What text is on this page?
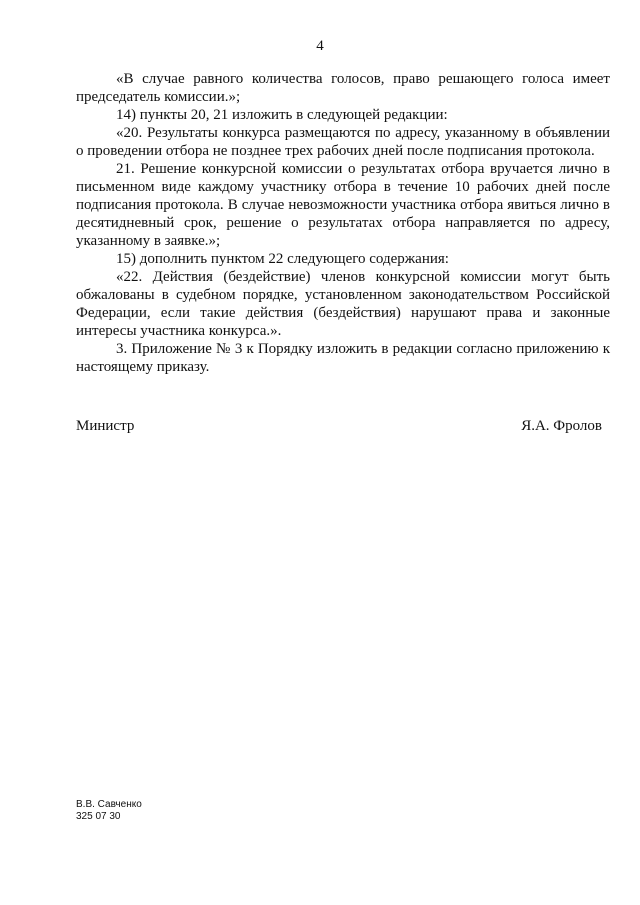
4

«В случае равного количества голосов, право решающего голоса имеет председатель комиссии.»;

14) пункты 20, 21 изложить в следующей редакции:

«20. Результаты конкурса размещаются по адресу, указанному в объявлении о проведении отбора не позднее трех рабочих дней после подписания протокола.

21. Решение конкурсной комиссии о результатах отбора вручается лично в письменном виде каждому участнику отбора в течение 10 рабочих дней после подписания протокола. В случае невозможности участника отбора явиться лично в десятидневный срок, решение о результатах отбора направляется по адресу, указанному в заявке.»;

15) дополнить пунктом 22 следующего содержания:

«22. Действия (бездействие) членов конкурсной комиссии могут быть обжалованы в судебном порядке, установленном законодательством Российской Федерации, если такие действия (бездействия) нарушают права и законные интересы участника конкурса.».

3. Приложение № 3 к Порядку изложить в редакции согласно приложению к настоящему приказу.

Министр	Я.А. Фролов
В.В. Савченко
325 07 30
